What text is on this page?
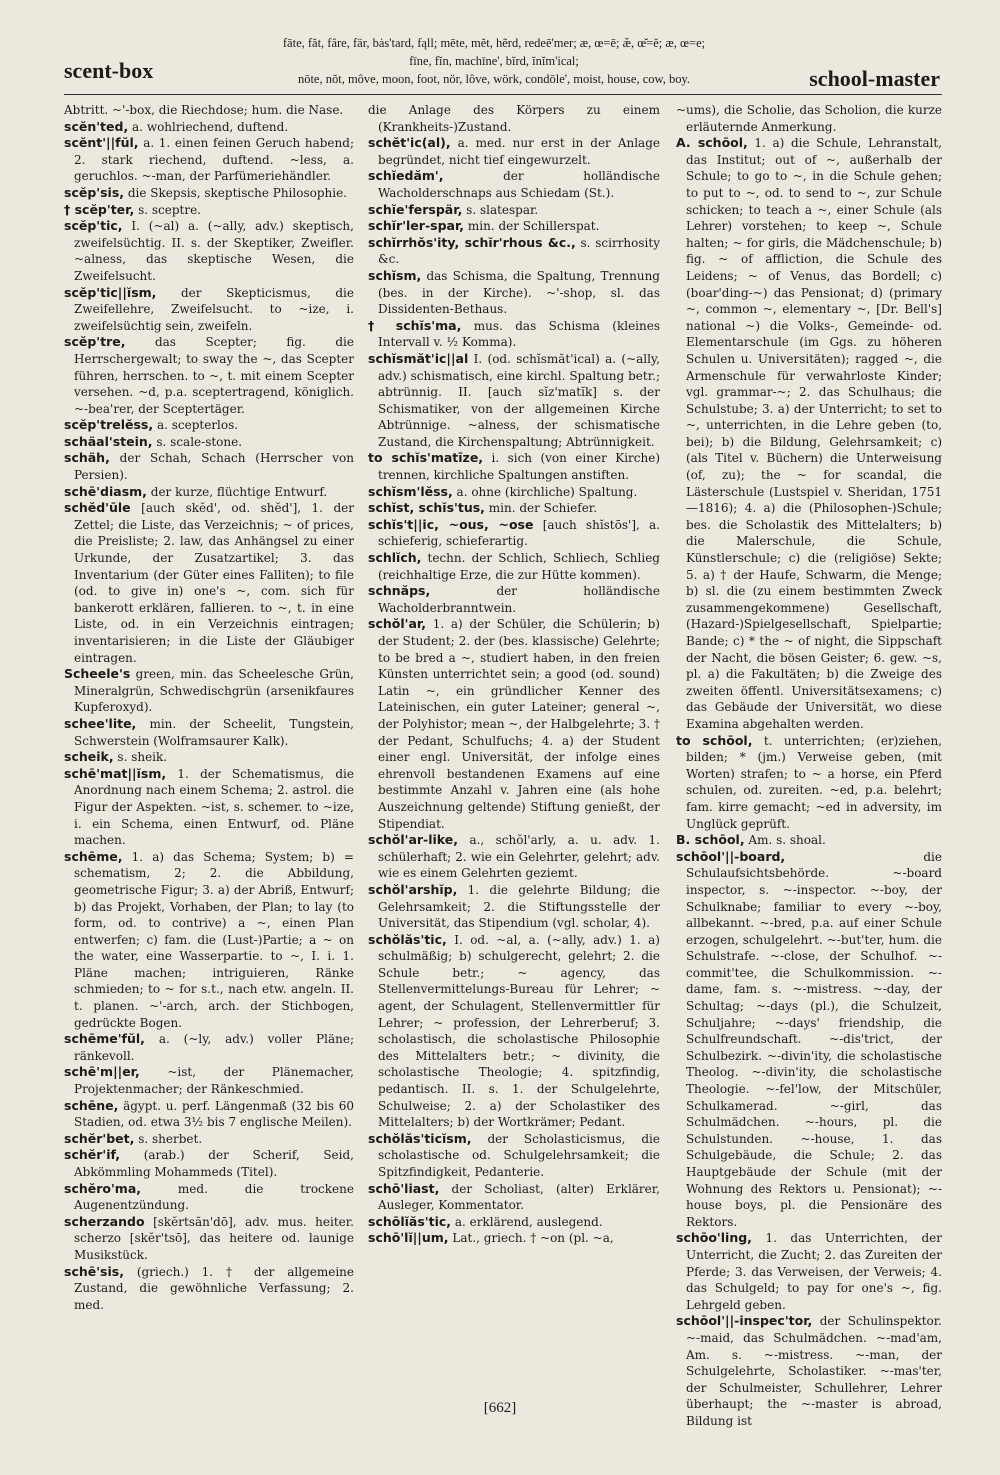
scent-box
fāte, făt, fâre, fär, bȧs'tard, fąll; mēte, mĕt, hẽrd, redeē'mer; æ, œ=ē; æ̆, œ̆=ĕ; æ, œ=e;
fīne, fĭn, machīne', bĭrd, ĭnĭm'ical;
nōte, nŏt, môve, moon, foot, nör, lôve, wörk, condōle', moist, house, cow, boy.	school-master

Abtritt. ~'-box, die Riechdose; hum. die Nase.

scĕn'ted, a. wohlriechend, duftend.

scĕnt'||fŭl, a. 1. einen feinen Geruch habend; 2. stark riechend, duftend. ~less, a. geruchlos. ~-man, der Parfümeriehändler.

scĕp'sis, die Skepsis, skeptische Philosophie.

† scĕp'ter, s. sceptre.

scĕp'tic, I. (~al) a. (~ally, adv.) skeptisch, zweifelsüchtig. II. s. der Skeptiker, Zweifler. ~alness, das skeptische Wesen, die Zweifelsucht.

scĕp'tic||ĭsm, der Skepticismus, die Zweifellehre, Zweifelsucht. to ~ize, i. zweifelsüchtig sein, zweifeln.

scĕp'tre, das Scepter; fig. die Herrschergewalt; to sway the ~, das Scepter führen, herrschen. to ~, t. mit einem Scepter versehen. ~d, p.a. sceptertragend, königlich. ~-bea'rer, der Sceptertäger.

scĕp'trelĕss, a. scepterlos.

schäal'stein, s. scale-stone.

schäh, der Schah, Schach (Herrscher von Persien).

schē'diasm, der kurze, flüchtige Entwurf.

schĕd'ūle [auch skĕd', od. shĕd'], 1. der Zettel; die Liste, das Verzeichnis; ~ of prices, die Preisliste; 2. law, das Anhängsel zu einer Urkunde, der Zusatzartikel; 3. das Inventarium (der Güter eines Falliten); to file (od. to give in) one's ~, com. sich für bankerott erklären, fallieren. to ~, t. in eine Liste, od. in ein Verzeichnis eintragen; inventarisieren; in die Liste der Gläubiger eintragen.

Scheele's green, min. das Scheelesche Grün, Mineralgrün, Schwedischgrün (arsenikfaures Kupferoxyd).

schee'lite, min. der Scheelit, Tungstein, Schwerstein (Wolframsaurer Kalk).

scheik, s. sheik.

schē'mat||ĭsm, 1. der Schematismus, die Anordnung nach einem Schema; 2. astrol. die Figur der Aspekten. ~ist, s. schemer. to ~ize, i. ein Schema, einen Entwurf, od. Pläne machen.

schēme, 1. a) das Schema; System; b) = schematism, 2; 2. die Abbildung, geometrische Figur; 3. a) der Abriß, Entwurf; b) das Projekt, Vorhaben, der Plan; to lay (to form, od. to contrive) a ~, einen Plan entwerfen; c) fam. die (Lust-)Partie; a ~ on the water, eine Wasserpartie. to ~, I. i. 1. Pläne machen; intriguieren, Ränke schmieden; to ~ for s.t., nach etw. angeln. II. t. planen. ~'-arch, arch. der Stichbogen, gedrückte Bogen.

schēme'fŭl, a. (~ly, adv.) voller Pläne; ränkevoll.

schē'm||er, ~ist, der Plänemacher, Projektenmacher; der Ränkeschmied.

schēne, ägypt. u. perf. Längenmaß (32 bis 60 Stadien, od. etwa 3½ bis 7 englische Meilen).

schĕr'bet, s. sherbet.

schĕr'if, (arab.) der Scherif, Seid, Abkömmling Mohammeds (Titel).

schĕro'ma,	med. die trockene Augenentzündung.

scherzando [skĕrtsăn'dō], adv. mus. heiter. scherzo [skĕr'tsō], das heitere od. launige Musikstück.

schē'sis, (griech.) 1. † der allgemeine Zustand, die gewöhnliche Verfassung; 2. med.

die Anlage des Körpers zu einem (Krankheits-)Zustand.

schĕt'ic(al), a. med. nur erst in der Anlage begründet, nicht tief eingewurzelt.

schĭedăm',	der holländische Wacholderschnaps aus Schiedam (St.).

schĭe'ferspär, s. slatespar.

schĭr'ler-spar, min. der Schillerspat.

schĭrrhŏs'ity, schĭr'rhous &c., s. scirrhosity &c.

schĭsm, das Schisma, die Spaltung, Trennung (bes. in der Kirche). ~'-shop, sl. das Dissidenten-Bethaus.

† schĭs'ma, mus. das Schisma (kleines Intervall v. ½ Komma).

schĭsmăt'ic||al I. (od. schĭsmăt'ical) a. (~ally, adv.) schismatisch, eine kirchl. Spaltung betr.; abtrünnig. II. [auch sĭz'matĭk] s. der Schismatiker, von der allgemeinen Kirche Abtrünnige. ~alness, der schismatische Zustand, die Kirchenspaltung; Abtrünnigkeit.

to schĭs'matīze, i. sich (von einer Kirche) trennen, kirchliche Spaltungen anstiften.

schĭsm'lĕss, a. ohne (kirchliche) Spaltung.

schĭst, schĭs'tus, min. der Schiefer.

schĭs't||ic, ~ous, ~ose [auch shĭstōs'], a. schieferig, schieferartig.

schlĭch, techn. der Schlich, Schliech, Schlieg (reichhaltige Erze, die zur Hütte kommen).

schnăps,	der holländische Wacholderbranntwein.

schŏl'ar, 1. a) der Schüler, die Schülerin; b) der Student; 2. der (bes. klassische) Gelehrte; to be bred a ~, studiert haben, in den freien Künsten unterrichtet sein; a good (od. sound) Latin ~, ein gründlicher Kenner des Lateinischen, ein guter Lateiner; general ~, der Polyhistor; mean ~, der Halbgelehrte; 3. † der Pedant, Schulfuchs; 4. a) der Student einer engl. Universität, der infolge eines ehrenvoll bestandenen Examens auf eine bestimmte Anzahl v. Jahren eine (als hohe Auszeichnung geltende) Stiftung genießt, der Stipendiat.

schŏl'ar-like, a., schŏl'arly, a. u. adv. 1. schülerhaft; 2. wie ein Gelehrter, gelehrt; adv. wie es einem Gelehrten geziemt.

schŏl'arshĭp, 1. die gelehrte Bildung; die Gelehrsamkeit; 2. die Stiftungsstelle der Universität, das Stipendium (vgl. scholar, 4).

schŏlăs'tic, I. od. ~al, a. (~ally, adv.) 1. a) schulmäßig; b) schulgerecht, gelehrt; 2. die Schule betr.; ~ agency, das Stellenvermittelungs-Bureau für Lehrer; ~ agent, der Schulagent, Stellenvermittler für Lehrer; ~ profession, der Lehrerberuf; 3. scholastisch, die scholastische Philosophie des Mittelalters betr.; ~ divinity, die scholastische Theologie; 4. spitzfindig, pedantisch. II. s. 1. der Schulgelehrte, Schulweise; 2. a) der Scholastiker des Mittelalters; b) der Wortkrämer; Pedant.

schŏlăs'ticĭsm, der Scholasticismus, die scholastische od. Schulgelehrsamkeit; die Spitzfindigkeit, Pedanterie.

schō'liast, der Scholiast, (alter) Erklärer, Ausleger, Kommentator.

schōlĭăs'tic, a. erklärend, auslegend.

schō'lĭ||um, Lat., griech. † ~on (pl. ~a,

~ums), die Scholie, das Scholion, die kurze erläuternde Anmerkung.

A. schōol, 1. a) die Schule, Lehranstalt, das Institut; out of ~, außerhalb der Schule; to go to ~, in die Schule gehen; to put to ~, od. to send to ~, zur Schule schicken; to teach a ~, einer Schule (als Lehrer) vorstehen; to keep ~, Schule halten; ~ for girls, die Mädchenschule; b) fig. ~ of affliction, die Schule des Leidens; ~ of Venus, das Bordell; c) (boar'ding-~) das Pensionat; d) (primary ~, common ~, elementary ~, [Dr. Bell's] national ~) die Volks-, Gemeinde- od. Elementarschule (im Ggs. zu höheren Schulen u. Universitäten); ragged ~, die Armenschule für verwahrloste Kinder; vgl. grammar-~; 2. das Schulhaus; die Schulstube; 3. a) der Unterricht; to set to ~, unterrichten, in die Lehre geben (to, bei); b) die Bildung, Gelehrsamkeit; c) (als Titel v. Büchern) die Unterweisung (of, zu); the ~ for scandal, die Lästerschule (Lustspiel v. Sheridan, 1751—1816); 4. a) die (Philosophen-)Schule; bes. die Scholastik des Mittelalters; b) die Malerschule, die Schule, Künstlerschule; c) die (religiöse) Sekte; 5. a) † der Haufe, Schwarm, die Menge; b) sl. die (zu einem bestimmten Zweck zusammengekommene) Gesellschaft, (Hazard-)Spielgesellschaft, Spielpartie; Bande; c) * the ~ of night, die Sippschaft der Nacht, die bösen Geister; 6. gew. ~s, pl. a) die Fakultäten; b) die Zweige des zweiten öffentl. Universitätsexamens; c) das Gebäude der Universität, wo diese Examina abgehalten werden.

to schōol, t. unterrichten; (er)ziehen, bilden; * (jm.) Verweise geben, (mit Worten) strafen; to ~ a horse, ein Pferd schulen, od. zureiten. ~ed, p.a. belehrt; fam. kirre gemacht; ~ed in adversity, im Unglück geprüft.

B. schōol, Am. s. shoal.

schōol'||-board,	die Schulaufsichtsbehörde. ~-board inspector, s. ~-inspector. ~-boy, der Schulknabe; familiar to every ~-boy, allbekannt. ~-bred, p.a. auf einer Schule erzogen, schulgelehrt. ~-but'ter, hum. die Schulstrafe. ~-close, der Schulhof. ~-commit'tee, die Schulkommission. ~-dame, fam. s. ~-mistress. ~-day, der Schultag; ~-days (pl.), die Schulzeit, Schuljahre; ~-days' friendship, die Schulfreundschaft. ~-dis'trict, der Schulbezirk. ~-divin'ity, die scholastische Theolog. ~-divin'ity, die scholastische Theologie. ~-fel'low, der Mitschüler, Schulkamerad. ~-girl, das Schulmädchen. ~-hours, pl. die Schulstunden. ~-house, 1. das Schulgebäude, die Schule; 2. das Hauptgebäude der Schule (mit der Wohnung des Rektors u. Pensionat); ~-house boys, pl. die Pensionäre des Rektors.

schōo'ling, 1. das Unterrichten, der Unterricht, die Zucht; 2. das Zureiten der Pferde; 3. das Verweisen, der Verweis; 4. das Schulgeld; to pay for one's ~, fig. Lehrgeld geben.

schōol'||-inspec'tor, der Schulinspektor. ~-maid, das Schulmädchen. ~-mad'am, Am. s. ~-mistress. ~-man, der Schulgelehrte, Scholastiker. ~-mas'ter, der Schulmeister, Schullehrer, Lehrer überhaupt; the ~-master is abroad, Bildung ist

[662]
